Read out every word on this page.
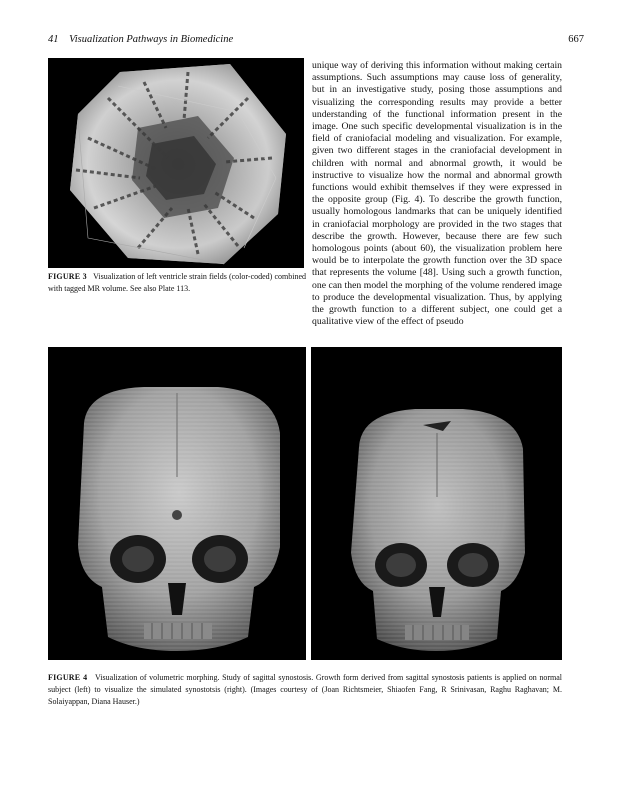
41 Visualization Pathways in Biomedicine	667
FIGURE 3 Visualization of left ventricle strain fields (color-coded) combined with tagged MR volume. See also Plate 113.

unique way of deriving this information without making certain assumptions. Such assumptions may cause loss of generality, but in an investigative study, posing those assumptions and visualizing the corresponding results may provide a better understanding of the functional information present in the image. One such specific developmental visualization is in the field of craniofacial modeling and visualization. For example, given two different stages in the craniofacial development in children with normal and abnormal growth, it would be instructive to visualize how the normal and abnormal growth functions would exhibit themselves if they were expressed in the opposite group (Fig. 4). To describe the growth function, usually homologous landmarks that can be uniquely identified in craniofacial morphology are provided in the two stages that describe the growth. However, because there are few such homologous points (about 60), the visualization problem here would be to interpolate the growth function over the 3D space that represents the volume [48]. Using such a growth function, one can then model the morphing of the volume rendered image to produce the developmental visualization. Thus, by applying the growth function to a different subject, one could get a qualitative view of the effect of pseudo

FIGURE 4 Visualization of volumetric morphing. Study of sagittal synostosis. Growth form derived from sagittal synostosis patients is applied on normal subject (left) to visualize the simulated synostotsis (right). (Images courtesy of (Joan Richtsmeier, Shiaofen Fang, R Srinivasan, Raghu Raghavan; M. Solaiyappan, Diana Hauser.)
